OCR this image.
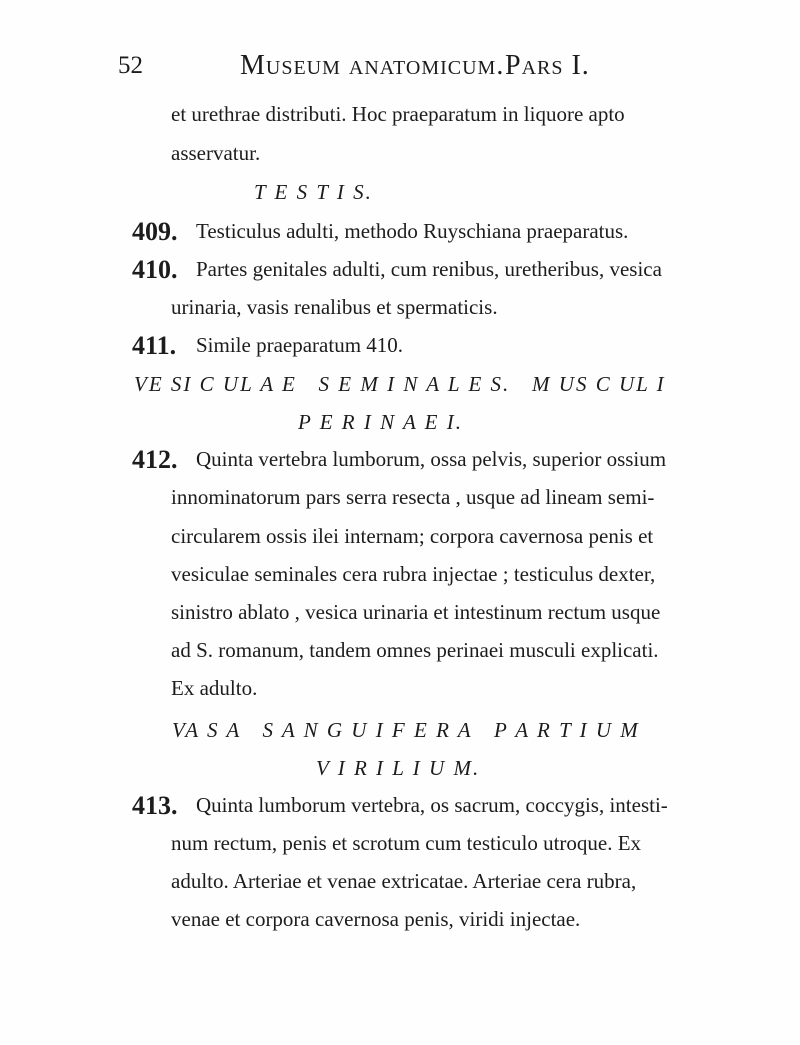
52	Museum anatomicum. Pars I.
et urethrae distributi. Hoc praeparatum in liquore apto
asservatur.
T E S T I S.
409. Testiculus adulti, methodo Ruyschiana praeparatus.
410. Partes genitales adulti, cum renibus, uretheribus, vesica
urinaria, vasis renalibus et spermaticis.
411. Simile praeparatum 410.
VE SI C UL A E   S E M I N A L E S.   M US C UL I
P E R I N A E I.
412. Quinta vertebra lumborum, ossa pelvis, superior ossium
innominatorum pars serra resecta , usque ad lineam semi-
circularem ossis ilei internam; corpora cavernosa penis et
vesiculae seminales cera rubra injectae ; testiculus dexter,
sinistro ablato , vesica urinaria et intestinum rectum usque
ad S. romanum, tandem omnes perinaei musculi explicati.
Ex adulto.
VA S A   S A N G U I F E R A   P A R T I U M
V I R I L I U M.
413. Quinta lumborum vertebra, os sacrum, coccygis, intesti-
num rectum, penis et scrotum cum testiculo utroque. Ex
adulto. Arteriae et venae extricatae. Arteriae cera rubra,
venae et corpora cavernosa penis, viridi injectae.
